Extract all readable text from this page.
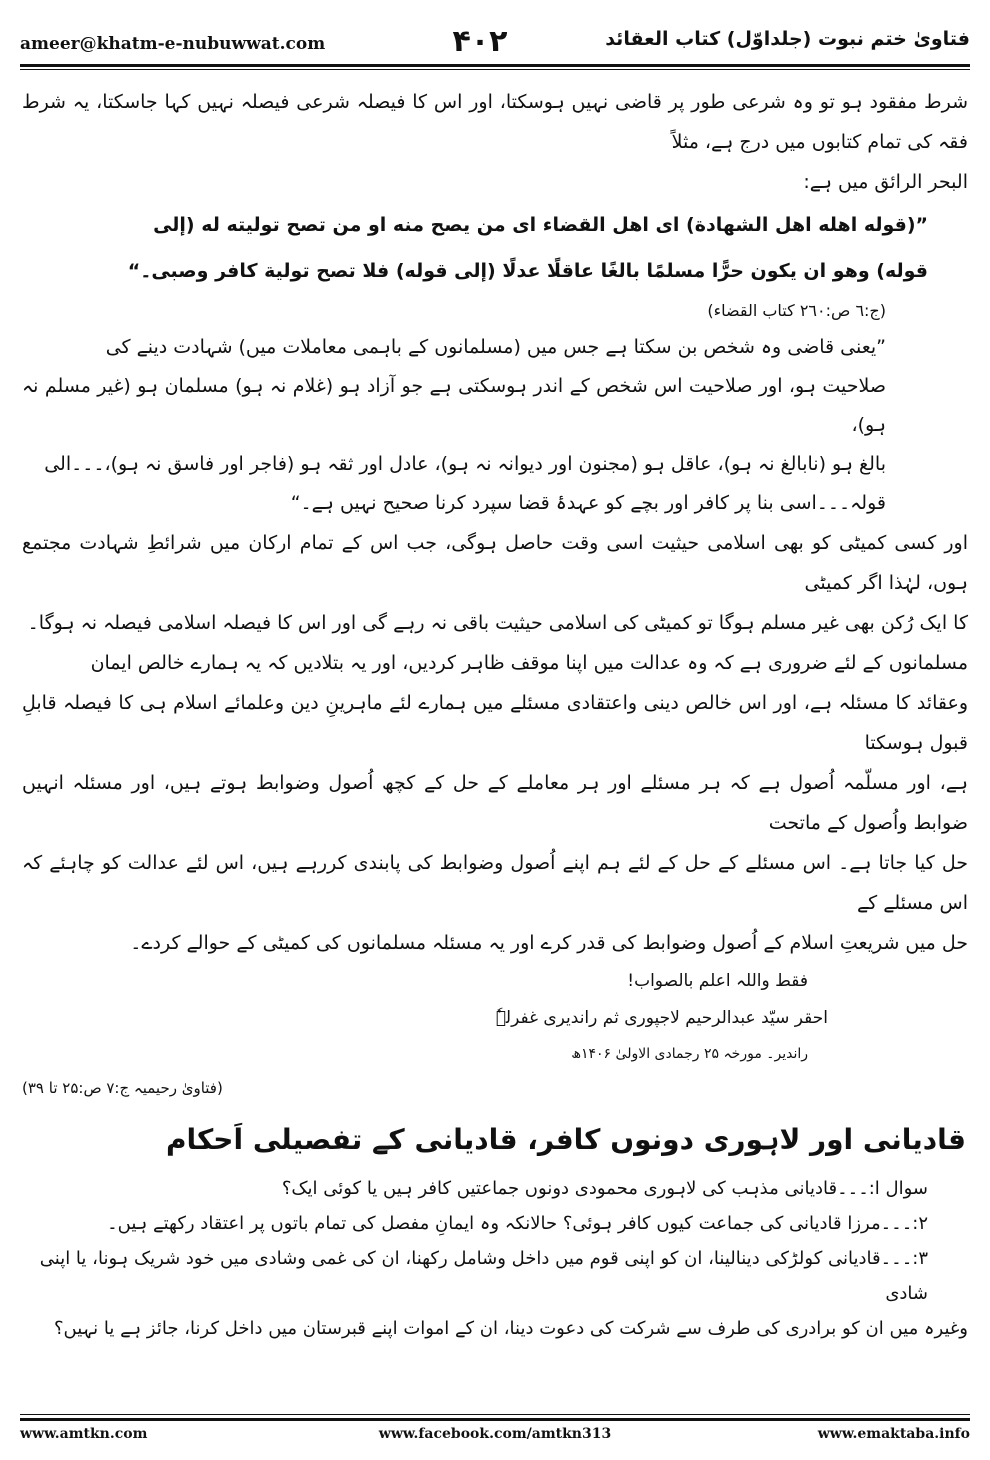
ameer@khatm-e-nubuwwat.com	۴۰۲	فتاویٰ ختم نبوت (جلداوّل) کتاب العقائد

شرط مفقود ہو تو وہ شرعی طور پر قاضی نہیں ہوسکتا، اور اس کا فیصلہ شرعی فیصلہ نہیں کہا جاسکتا، یہ شرط فقہ کی تمام کتابوں میں درج ہے، مثلاً

البحر الرائق میں ہے:

”(قوله اهله اهل الشهادة) اى اهل القضاء اى من يصح منه او من تصح توليته له (إلى

قوله) وهو ان يكون حرًّا مسلمًا بالغًا عاقلًا عدلًا (إلى قوله) فلا تصح تولية كافر وصبى۔“

(ج:٦ ص:٢٦٠ كتاب القضاء)

”یعنی قاضی وہ شخص بن سکتا ہے جس میں (مسلمانوں کے باہمی معاملات میں) شہادت دینے کی

صلاحیت ہو، اور صلاحیت اس شخص کے اندر ہوسکتی ہے جو آزاد ہو (غلام نہ ہو) مسلمان ہو (غیر مسلم نہ ہو)،

بالغ ہو (نابالغ نہ ہو)، عاقل ہو (مجنون اور دیوانہ نہ ہو)، عادل اور ثقہ ہو (فاجر اور فاسق نہ ہو)،۔۔۔الی

قولہ۔۔۔اسی بنا پر کافر اور بچے کو عہدۂ قضا سپرد کرنا صحیح نہیں ہے۔“

اور کسی کمیٹی کو بھی اسلامی حیثیت اسی وقت حاصل ہوگی، جب اس کے تمام ارکان میں شرائطِ شہادت مجتمع ہوں، لہٰذا اگر کمیٹی

کا ایک رُکن بھی غیر مسلم ہوگا تو کمیٹی کی اسلامی حیثیت باقی نہ رہے گی اور اس کا فیصلہ اسلامی فیصلہ نہ ہوگا۔

مسلمانوں کے لئے ضروری ہے کہ وہ عدالت میں اپنا موقف ظاہر کردیں، اور یہ بتلادیں کہ یہ ہمارے خالص ایمان

وعقائد کا مسئلہ ہے، اور اس خالص دینی واعتقادی مسئلے میں ہمارے لئے ماہرینِ دین وعلمائے اسلام ہی کا فیصلہ قابلِ قبول ہوسکتا

ہے، اور مسلّمہ اُصول ہے کہ ہر مسئلے اور ہر معاملے کے حل کے کچھ اُصول وضوابط ہوتے ہیں، اور مسئلہ انہیں ضوابط واُصول کے ماتحت

حل کیا جاتا ہے۔ اس مسئلے کے حل کے لئے ہم اپنے اُصول وضوابط کی پابندی کررہے ہیں، اس لئے عدالت کو چاہئے کہ اس مسئلے کے

حل میں شریعتِ اسلام کے اُصول وضوابط کی قدر کرے اور یہ مسئلہ مسلمانوں کی کمیٹی کے حوالے کردے۔

فقط واللہ اعلم بالصواب!

احقر سیّد عبدالرحیم لاجپوری ثم راندیری غفرلہٗ

راندیر۔ مورخہ ۲۵ رجمادی الاولیٰ ۱۴۰۶ھ

(فتاویٰ رحیمیہ ج:۷ ص:۲۵ تا ۳۹)

قادیانی اور لاہوری دونوں کافر، قادیانی کے تفصیلی اَحکام

سوال ا:۔۔۔قادیانی مذہب کی لاہوری محمودی دونوں جماعتیں کافر ہیں یا کوئی ایک؟

۲:۔۔۔مرزا قادیانی کی جماعت کیوں کافر ہوئی؟ حالانکہ وہ ایمانِ مفصل کی تمام باتوں پر اعتقاد رکھتے ہیں۔

۳:۔۔۔قادیانی کولڑکی دینالینا، ان کو اپنی قوم میں داخل وشامل رکھنا، ان کی غمی وشادی میں خود شریک ہونا، یا اپنی شادی

وغیرہ میں ان کو برادری کی طرف سے شرکت کی دعوت دینا، ان کے اموات اپنے قبرستان میں داخل کرنا، جائز ہے یا نہیں؟

www.amtkn.com	www.facebook.com/amtkn313	www.emaktaba.info
